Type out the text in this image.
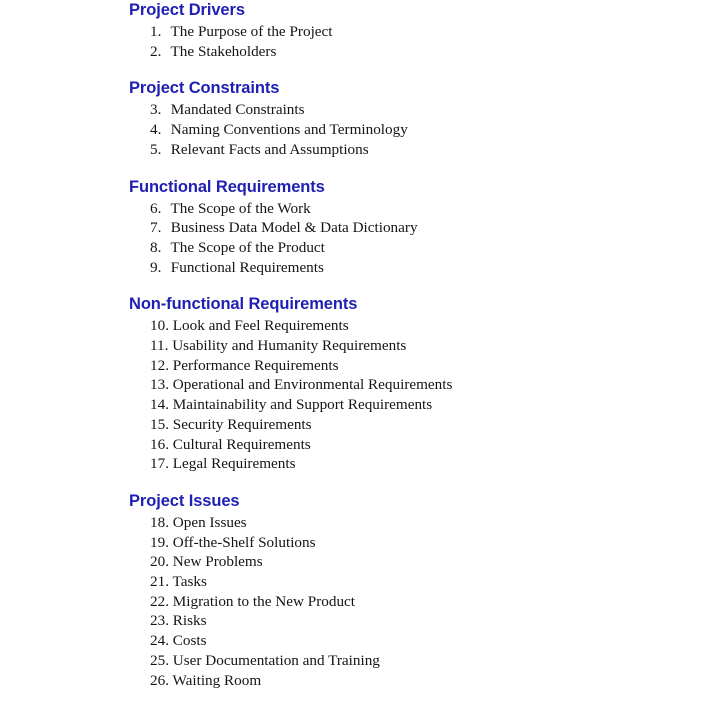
Project Drivers
1. The Purpose of the Project
2. The Stakeholders
Project Constraints
3. Mandated Constraints
4. Naming Conventions and Terminology
5. Relevant Facts and Assumptions
Functional Requirements
6. The Scope of the Work
7. Business Data Model & Data Dictionary
8. The Scope of the Product
9. Functional Requirements
Non-functional Requirements
10. Look and Feel Requirements
11. Usability and Humanity Requirements
12. Performance Requirements
13. Operational and Environmental Requirements
14. Maintainability and Support Requirements
15. Security Requirements
16. Cultural Requirements
17. Legal Requirements
Project Issues
18. Open Issues
19. Off-the-Shelf Solutions
20. New Problems
21. Tasks
22. Migration to the New Product
23. Risks
24. Costs
25. User Documentation and Training
26. Waiting Room
